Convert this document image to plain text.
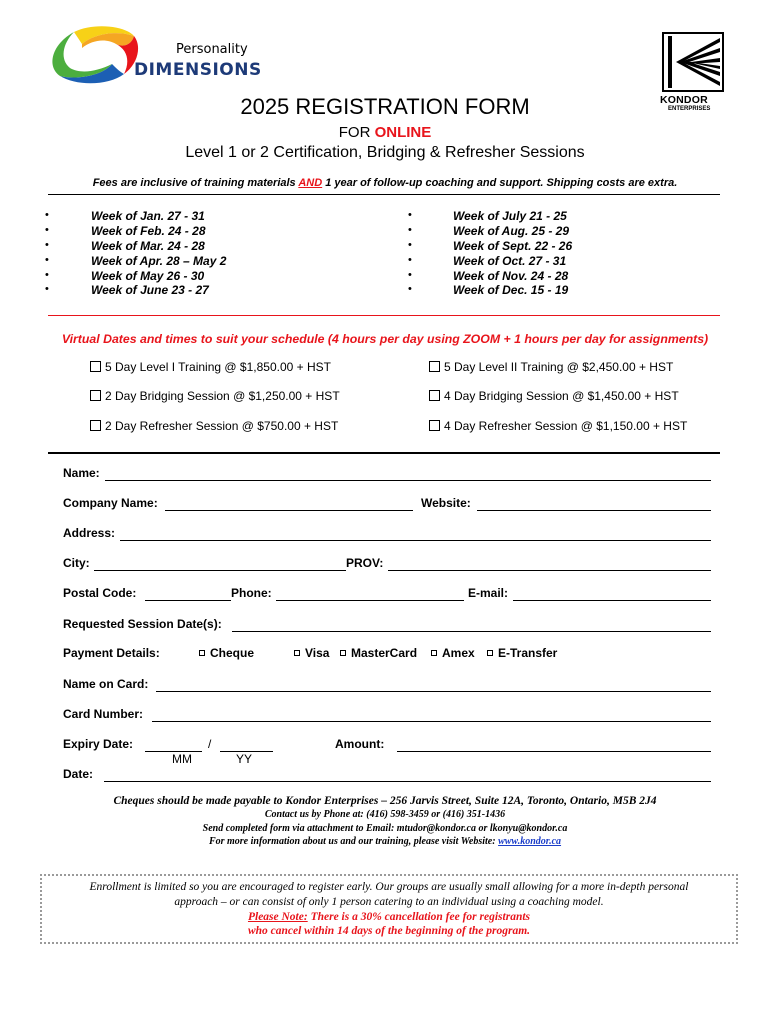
Personality
DIMENSIONS
KONDOR
ENTERPRISES
2025 REGISTRATION FORM
FOR ONLINE
Level 1 or 2 Certification, Bridging & Refresher Sessions
Fees are inclusive of training materials AND 1 year of follow-up coaching and support. Shipping costs are extra.
•	Week of Jan. 27 - 31
•	Week of Feb. 24 - 28
•	Week of Mar. 24 - 28
•	Week of Apr. 28 – May 2
•	Week of May 26 - 30
•	Week of June 23 - 27
•	Week of July 21 - 25
•	Week of Aug. 25 - 29
•	Week of Sept. 22 - 26
•	Week of Oct. 27 - 31
•	Week of Nov. 24 - 28
•	Week of Dec. 15 - 19
Virtual Dates and times to suit your schedule (4 hours per day using ZOOM + 1 hours per day for assignments)
5 Day Level I Training @ $1,850.00 + HST	5 Day Level II Training @ $2,450.00 + HST
2 Day Bridging Session @ $1,250.00 + HST	4 Day Bridging Session @ $1,450.00 + HST
2 Day Refresher Session @ $750.00 + HST	4 Day Refresher Session @ $1,150.00 + HST
Name:
Company Name:	Website:
Address:
City:	PROV:
Postal Code:	Phone:	E-mail:
Requested Session Date(s):
Payment Details:	Cheque	Visa	MasterCard	Amex	E-Transfer
Name on Card:
Card Number:
Expiry Date:	/
MM	YY
Amount:
Date:
Cheques should be made payable to Kondor Enterprises – 256 Jarvis Street, Suite 12A, Toronto, Ontario, M5B 2J4
Contact us by Phone at: (416) 598-3459 or (416) 351-1436
Send completed form via attachment to Email: mtudor@kondor.ca or lkonyu@kondor.ca
For more information about us and our training, please visit Website: www.kondor.ca
Enrollment is limited so you are encouraged to register early. Our groups are usually small allowing for a more in-depth personal
approach – or can consist of only 1 person catering to an individual using a coaching model.
Please Note: There is a 30% cancellation fee for registrants
who cancel within 14 days of the beginning of the program.
